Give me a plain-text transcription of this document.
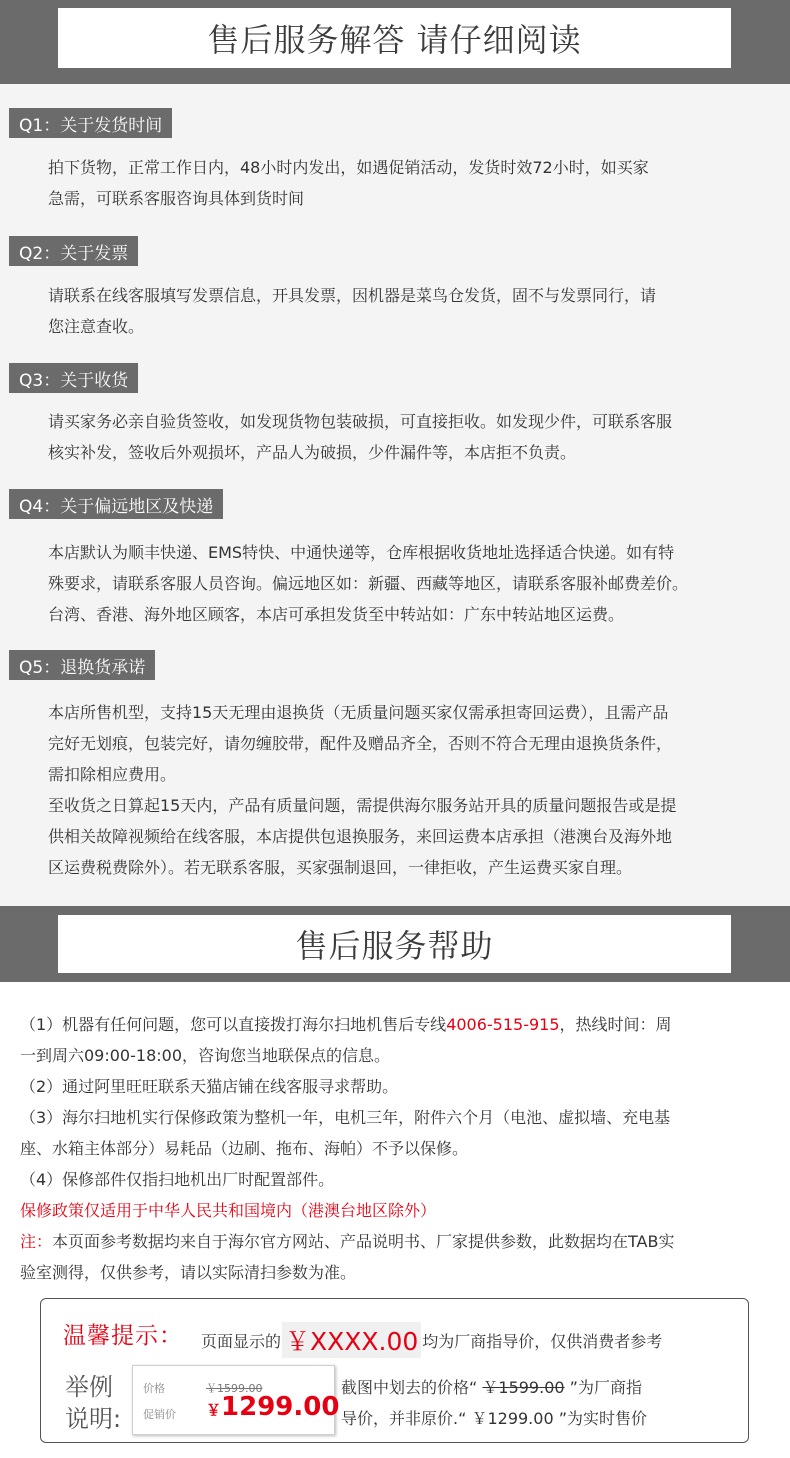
售后服务解答 请仔细阅读
Q1：关于发货时间

拍下货物，正常工作日内，48小时内发出，如遇促销活动，发货时效72小时，如买家

急需，可联系客服咨询具体到货时间

Q2：关于发票

请联系在线客服填写发票信息，开具发票，因机器是菜鸟仓发货，固不与发票同行，请

您注意查收。

Q3：关于收货

请买家务必亲自验货签收，如发现货物包装破损，可直接拒收。如发现少件，可联系客服

核实补发，签收后外观损坏，产品人为破损，少件漏件等，本店拒不负责。

Q4：关于偏远地区及快递

本店默认为顺丰快递、EMS特快、中通快递等，仓库根据收货地址选择适合快递。如有特

殊要求，请联系客服人员咨询。偏远地区如：新疆、西藏等地区，请联系客服补邮费差价。

台湾、香港、海外地区顾客，本店可承担发货至中转站如：广东中转站地区运费。

Q5：退换货承诺

本店所售机型，支持15天无理由退换货（无质量问题买家仅需承担寄回运费），且需产品

完好无划痕，包装完好，请勿缠胶带，配件及赠品齐全，否则不符合无理由退换货条件，

需扣除相应费用。

至收货之日算起15天内，产品有质量问题，需提供海尔服务站开具的质量问题报告或是提

供相关故障视频给在线客服，本店提供包退换服务，来回运费本店承担（港澳台及海外地

区运费税费除外）。若无联系客服，买家强制退回，一律拒收，产生运费买家自理。

售后服务帮助
（1）机器有任何问题，您可以直接拨打海尔扫地机售后专线4006-515-915，热线时间：周
一到周六09:00-18:00，咨询您当地联保点的信息。
（2）通过阿里旺旺联系天猫店铺在线客服寻求帮助。
（3）海尔扫地机实行保修政策为整机一年，电机三年，附件六个月（电池、虚拟墙、充电基
座、水箱主体部分）易耗品（边刷、拖布、海帕）不予以保修。
（4）保修部件仅指扫地机出厂时配置部件。
保修政策仅适用于中华人民共和国境内（港澳台地区除外）
注：本页面参考数据均来自于海尔官方网站、产品说明书、厂家提供参数，此数据均在TAB实
验室测得，仅供参考，请以实际清扫参数为准。
温馨提示： 页面显示的 ￥XXXX.00 均为厂商指导价，仅供消费者参考
举例
说明:
价格
促销价
￥1599.00
￥1299.00
截图中划去的价格“ ￥1599.00 ”为厂商指
导价，并非原价.“ ￥1299.00 ”为实时售价
